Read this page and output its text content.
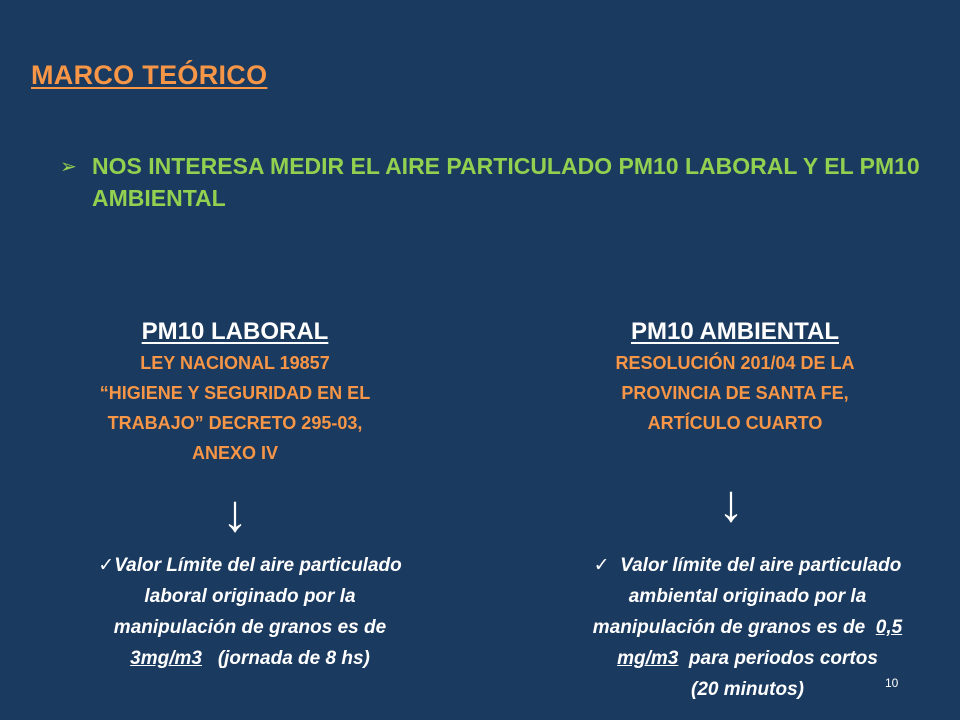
MARCO TEÓRICO
➢ NOS INTERESA MEDIR EL AIRE PARTICULADO PM10 LABORAL Y EL PM10 AMBIENTAL
PM10 LABORAL
LEY NACIONAL 19857
“HIGIENE Y SEGURIDAD EN EL
TRABAJO” DECRETO 295-03,
ANEXO IV
↓
✓Valor Límite del aire particulado
laboral originado por la
manipulación de granos es de
3mg/m3 (jornada de 8 hs)
PM10 AMBIENTAL
RESOLUCIÓN 201/04 DE LA
PROVINCIA DE SANTA FE,
ARTÍCULO CUARTO
↓
✓ Valor límite del aire particulado
ambiental originado por la
manipulación de granos es de 0,5
mg/m3 para periodos cortos
(20 minutos)	10
